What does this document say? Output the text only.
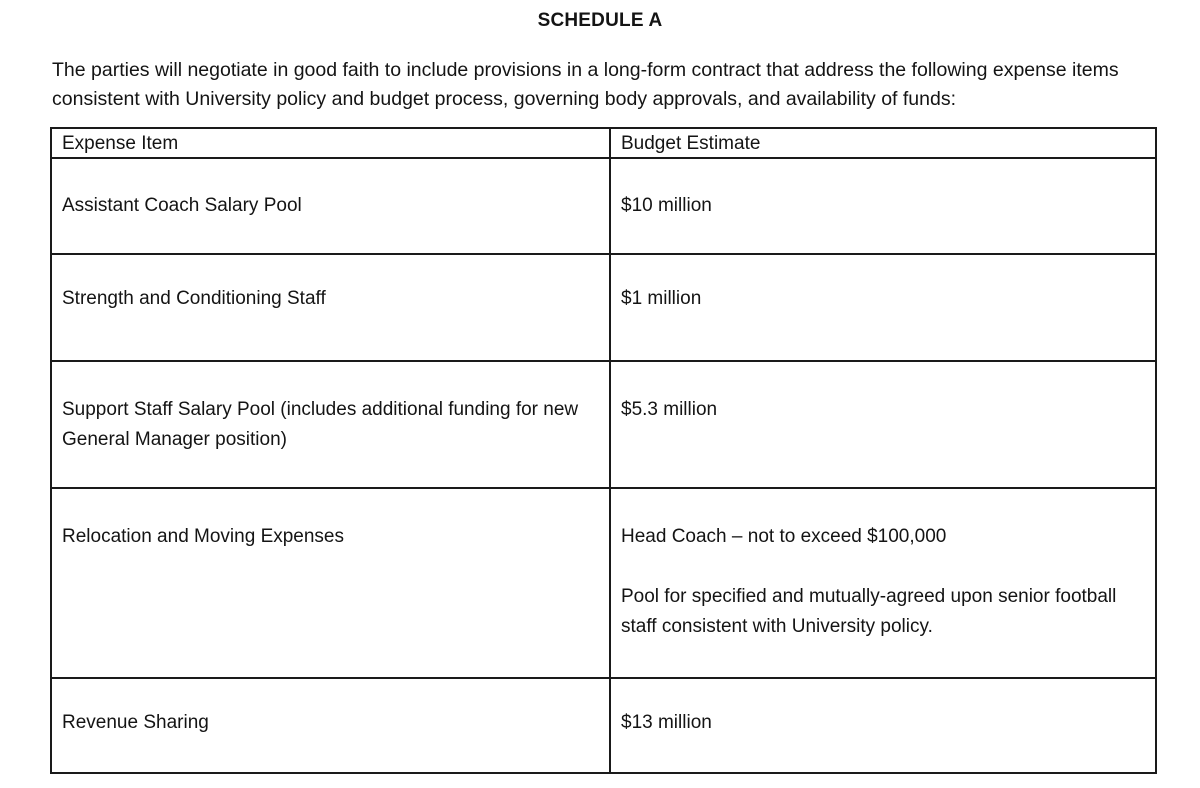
SCHEDULE A
The parties will negotiate in good faith to include provisions in a long-form contract that address the following expense items consistent with University policy and budget process, governing body approvals, and availability of funds:
Expense Item	Budget Estimate
Assistant Coach Salary Pool	$10 million
Strength and Conditioning Staff	$1 million
Support Staff Salary Pool (includes additional funding for new General Manager position)	$5.3 million
Relocation and Moving Expenses	Head Coach – not to exceed $100,000
Pool for specified and mutually-agreed upon senior football staff consistent with University policy.

Revenue Sharing	$13 million
